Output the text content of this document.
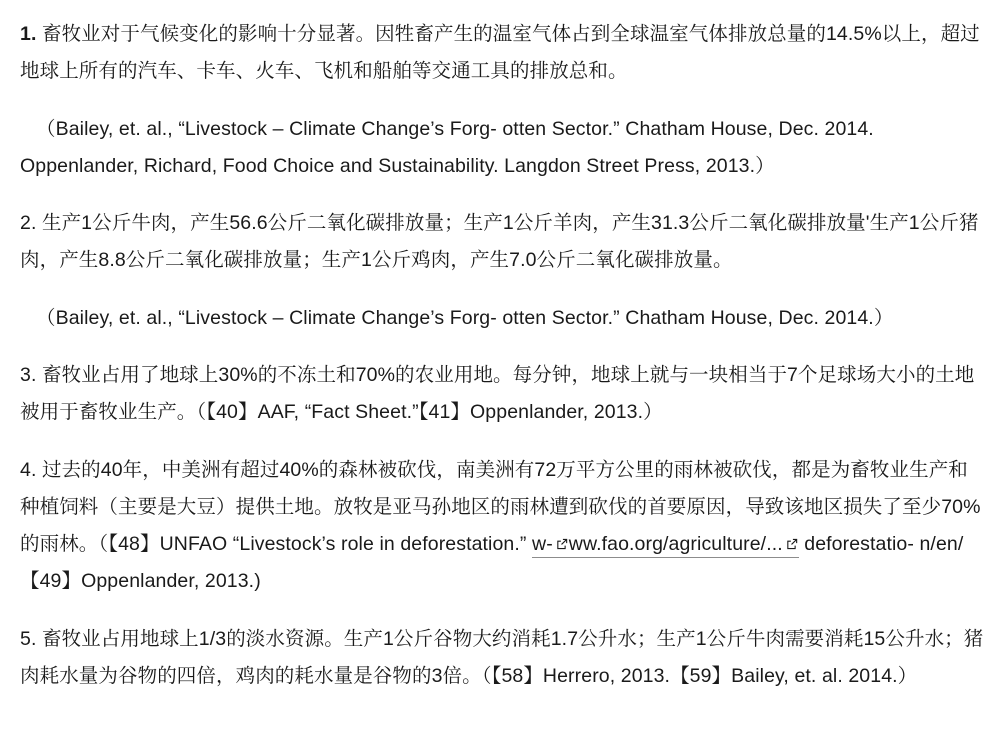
1. 畜牧业对于气候变化的影响十分显著。因牲畜产生的温室气体占到全球温室气体排放总量的14.5%以上，超过地球上所有的汽车、卡车、火车、飞机和船舶等交通工具的排放总和。

（Bailey, et. al., “Livestock – Climate Change’s Forg- otten Sector.” Chatham House, Dec. 2014. Oppenlander, Richard, Food Choice and Sustainability. Langdon Street Press, 2013.）

2. 生产1公斤牛肉，产生56.6公斤二氧化碳排放量；生产1公斤羊肉，产生31.3公斤二氧化碳排放量'生产1公斤猪肉，产生8.8公斤二氧化碳排放量；生产1公斤鸡肉，产生7.0公斤二氧化碳排放量。

（Bailey, et. al., “Livestock – Climate Change’s Forg- otten Sector.” Chatham House, Dec. 2014.）

3. 畜牧业占用了地球上30%的不冻土和70%的农业用地。每分钟，地球上就与一块相当于7个足球场大小的土地被用于畜牧业生产。（【40】AAF, “Fact Sheet.”【41】Oppenlander, 2013.）

4. 过去的40年，中美洲有超过40%的森林被砍伐，南美洲有72万平方公里的雨林被砍伐，都是为畜牧业生产和种植饲料（主要是大豆）提供土地。放牧是亚马孙地区的雨林遭到砍伐的首要原因，导致该地区损失了至少70%的雨林。（【48】UNFAO “Livestock’s role in deforestation.” w- ww.fao.org/agriculture/...
deforestatio- n/en/ 【49】Oppenlander, 2013.)

5. 畜牧业占用地球上1/3的淡水资源。生产1公斤谷物大约消耗1.7公升水；生产1公斤牛肉需要消耗15公升水；猪肉耗水量为谷物的四倍，鸡肉的耗水量是谷物的3倍。（【58】Herrero, 2013.【59】Bailey, et. al. 2014.）
